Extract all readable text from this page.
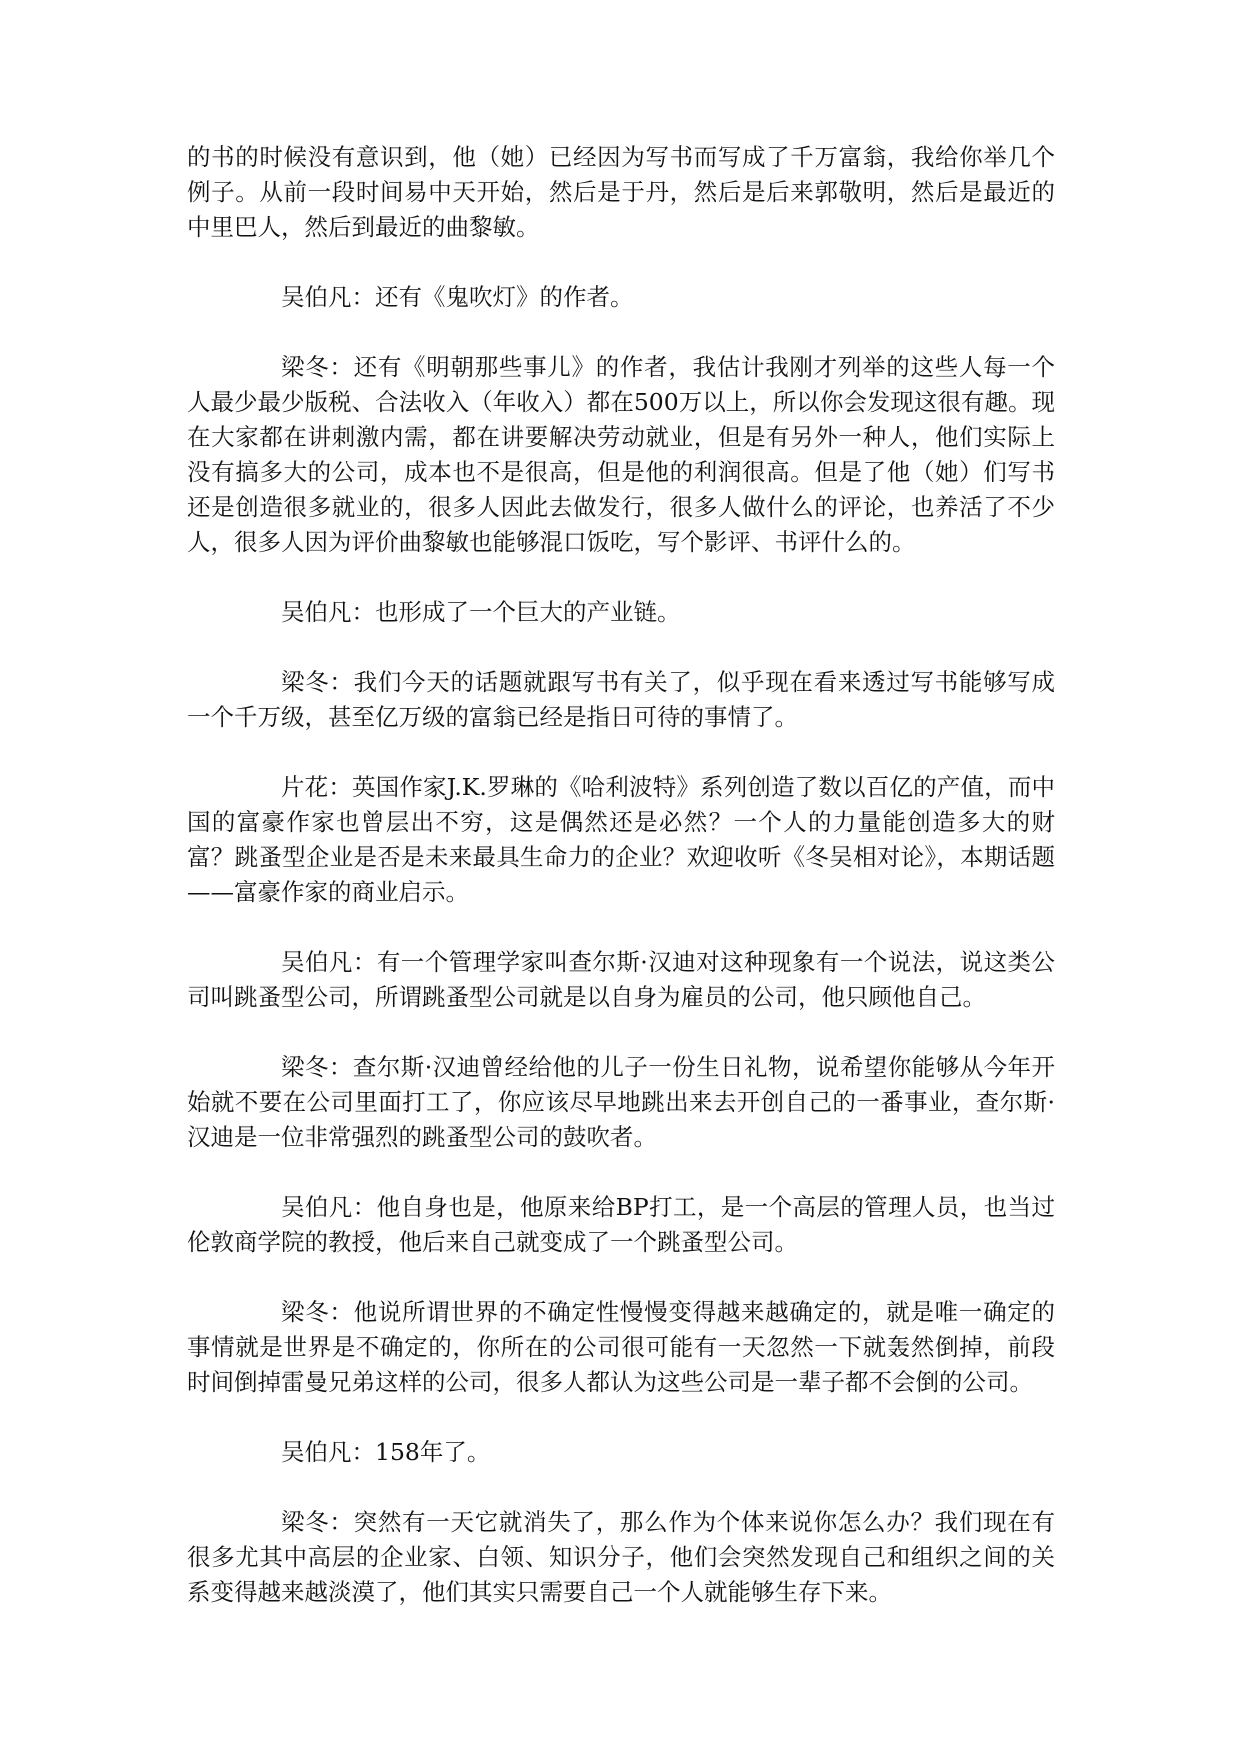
的书的时候没有意识到，他（她）已经因为写书而写成了千万富翁，我给你举几个例子。从前一段时间易中天开始，然后是于丹，然后是后来郭敬明，然后是最近的中里巴人，然后到最近的曲黎敏。

吴伯凡：还有《鬼吹灯》的作者。

梁冬：还有《明朝那些事儿》的作者，我估计我刚才列举的这些人每一个人最少最少版税、合法收入（年收入）都在500万以上，所以你会发现这很有趣。现在大家都在讲刺激内需，都在讲要解决劳动就业，但是有另外一种人，他们实际上没有搞多大的公司，成本也不是很高，但是他的利润很高。但是了他（她）们写书还是创造很多就业的，很多人因此去做发行，很多人做什么的评论，也养活了不少人，很多人因为评价曲黎敏也能够混口饭吃，写个影评、书评什么的。

吴伯凡：也形成了一个巨大的产业链。

梁冬：我们今天的话题就跟写书有关了，似乎现在看来透过写书能够写成一个千万级，甚至亿万级的富翁已经是指日可待的事情了。

片花：英国作家J.K.罗琳的《哈利波特》系列创造了数以百亿的产值，而中国的富豪作家也曾层出不穷，这是偶然还是必然？一个人的力量能创造多大的财富？跳蚤型企业是否是未来最具生命力的企业？欢迎收听《冬吴相对论》，本期话题——富豪作家的商业启示。

吴伯凡：有一个管理学家叫查尔斯·汉迪对这种现象有一个说法，说这类公司叫跳蚤型公司，所谓跳蚤型公司就是以自身为雇员的公司，他只顾他自己。

梁冬：查尔斯·汉迪曾经给他的儿子一份生日礼物，说希望你能够从今年开始就不要在公司里面打工了，你应该尽早地跳出来去开创自己的一番事业，查尔斯·汉迪是一位非常强烈的跳蚤型公司的鼓吹者。

吴伯凡：他自身也是，他原来给BP打工，是一个高层的管理人员，也当过伦敦商学院的教授，他后来自己就变成了一个跳蚤型公司。

梁冬：他说所谓世界的不确定性慢慢变得越来越确定的，就是唯一确定的事情就是世界是不确定的，你所在的公司很可能有一天忽然一下就轰然倒掉，前段时间倒掉雷曼兄弟这样的公司，很多人都认为这些公司是一辈子都不会倒的公司。

吴伯凡：158年了。

梁冬：突然有一天它就消失了，那么作为个体来说你怎么办？我们现在有很多尤其中高层的企业家、白领、知识分子，他们会突然发现自己和组织之间的关系变得越来越淡漠了，他们其实只需要自己一个人就能够生存下来。
